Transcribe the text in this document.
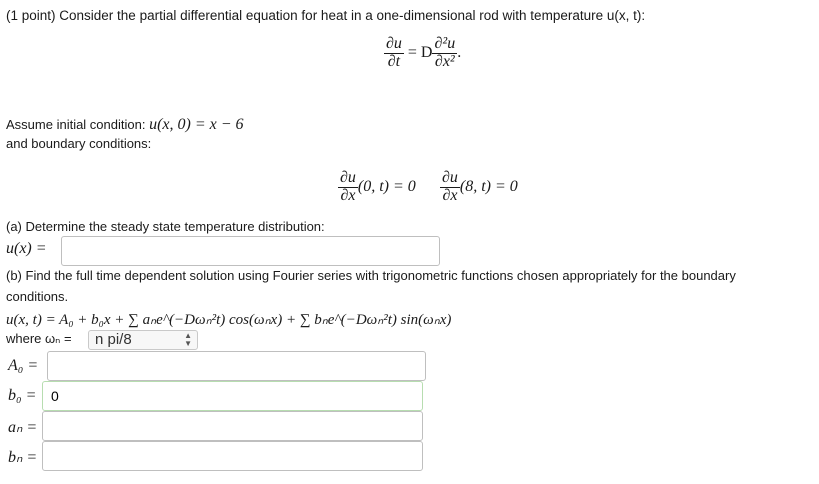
(1 point) Consider the partial differential equation for heat in a one-dimensional rod with temperature u(x, t):
$\frac{\partial u}{\partial t} = D \frac{\text{∂²u}}{\text{∂x²}}$ .
Assume initial condition: u(x, 0) = x − 6
and boundary conditions:
$\frac{\partial u}{\partial x} (0$, $t) = 0 \frac{\partial u}{\partial x} (8$, t) = 0
(a) Determine the steady state temperature distribution:
u(x) =
(b) Find the full time dependent solution using Fourier series with trigonometric functions chosen appropriately for the boundary
conditions.
u(x, t) = A₀ + b₀x + ∑ aₙe^(−Dωₙ²t) cos(ωₙx) + ∑ bₙe^(−Dωₙ²t) sin(ωₙx)
where ωₙ =	n pi/8	▲
▼
A₀ =
b₀ =
0
aₙ =
bₙ =
